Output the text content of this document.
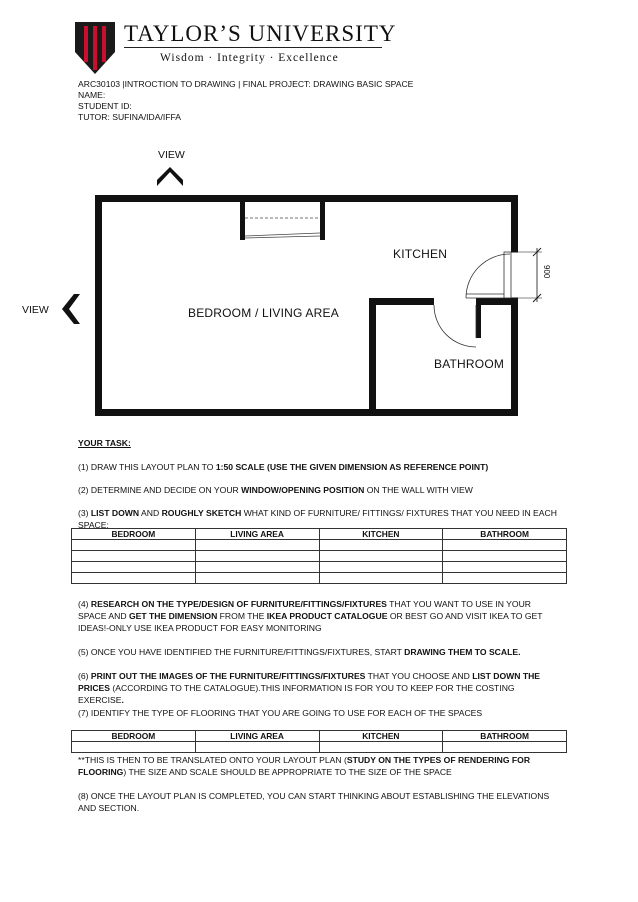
TAYLOR’S UNIVERSITY
Wisdom · Integrity · Excellence
ARC30103 |INTROCTION TO DRAWING | FINAL PROJECT: DRAWING BASIC SPACE
NAME:
STUDENT ID:
TUTOR: SUFINA/IDA/IFFA
VIEW
VIEW
KITCHEN
BEDROOM / LIVING AREA
BATHROOM
900
YOUR TASK:
(1) DRAW THIS LAYOUT PLAN TO 1:50 SCALE (USE THE GIVEN DIMENSION AS REFERENCE POINT)
(2) DETERMINE AND DECIDE ON YOUR WINDOW/OPENING POSITION ON THE WALL WITH VIEW
(3) LIST DOWN AND ROUGHLY SKETCH WHAT KIND OF FURNITURE/ FITTINGS/ FIXTURES THAT YOU NEED IN EACH SPACE:
BEDROOM	LIVING AREA	KITCHEN	BATHROOM

(4) RESEARCH ON THE TYPE/DESIGN OF FURNITURE/FITTINGS/FIXTURES THAT YOU WANT TO USE IN YOUR SPACE AND GET THE DIMENSION FROM THE IKEA PRODUCT CATALOGUE OR BEST GO AND VISIT IKEA TO GET IDEAS!-ONLY USE IKEA PRODUCT FOR EASY MONITORING
(5) ONCE YOU HAVE IDENTIFIED THE FURNITURE/FITTINGS/FIXTURES, START DRAWING THEM TO SCALE.
(6) PRINT OUT THE IMAGES OF THE FURNITURE/FITTINGS/FIXTURES THAT YOU CHOOSE AND LIST DOWN THE PRICES (ACCORDING TO THE CATALOGUE).THIS INFORMATION IS FOR YOU TO KEEP FOR THE COSTING EXERCISE.
(7) IDENTIFY THE TYPE OF FLOORING THAT YOU ARE GOING TO USE FOR EACH OF THE SPACES
BEDROOM	LIVING AREA	KITCHEN	BATHROOM

**THIS IS THEN TO BE TRANSLATED ONTO YOUR LAYOUT PLAN (STUDY ON THE TYPES OF RENDERING FOR FLOORING) THE SIZE AND SCALE SHOULD BE APPROPRIATE TO THE SIZE OF THE SPACE
(8) ONCE THE LAYOUT PLAN IS COMPLETED, YOU CAN START THINKING ABOUT ESTABLISHING THE ELEVATIONS AND SECTION.
